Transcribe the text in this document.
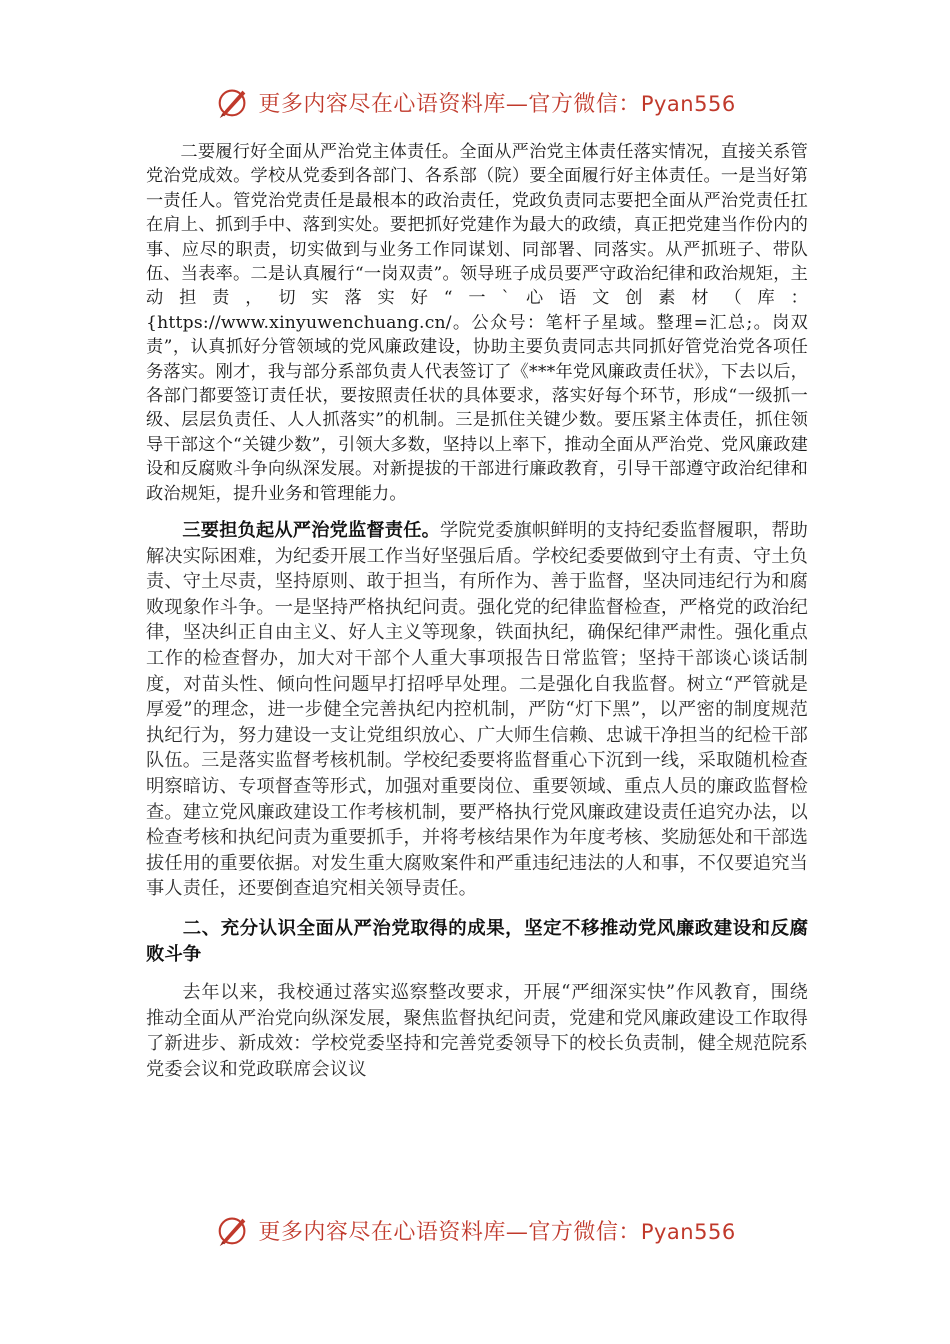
更多内容尽在心语资料库—官方微信：Pyan556

二要履行好全面从严治党主体责任。全面从严治党主体责任落实情况，直接关系管党治党成效。学校从党委到各部门、各系部（院）要全面履行好主体责任。一是当好第一责任人。管党治党责任是最根本的政治责任，党政负责同志要把全面从严治党责任扛在肩上、抓到手中、落到实处。要把抓好党建作为最大的政绩，真正把党建当作份内的事、应尽的职责，切实做到与业务工作同谋划、同部署、同落实。从严抓班子、带队伍、当表率。二是认真履行“一岗双责”。领导班子成员要严守政治纪律和政治规矩，主动担责，切实落实好“一`心语文创素材（库：{https://www.xinyuwenchuang.cn/。公众号：笔杆子星域。整理=汇总;。岗双责”，认真抓好分管领域的党风廉政建设，协助主要负责同志共同抓好管党治党各项任务落实。刚才，我与部分系部负责人代表签订了《***年党风廉政责任状》，下去以后，各部门都要签订责任状，要按照责任状的具体要求，落实好每个环节，形成“一级抓一级、层层负责任、人人抓落实”的机制。三是抓住关键少数。要压紧主体责任，抓住领导干部这个“关键少数”，引领大多数，坚持以上率下，推动全面从严治党、党风廉政建设和反腐败斗争向纵深发展。对新提拔的干部进行廉政教育，引导干部遵守政治纪律和政治规矩，提升业务和管理能力。

三要担负起从严治党监督责任。学院党委旗帜鲜明的支持纪委监督履职，帮助解决实际困难，为纪委开展工作当好坚强后盾。学校纪委要做到守土有责、守土负责、守土尽责，坚持原则、敢于担当，有所作为、善于监督，坚决同违纪行为和腐败现象作斗争。一是坚持严格执纪问责。强化党的纪律监督检查，严格党的政治纪律，坚决纠正自由主义、好人主义等现象，铁面执纪，确保纪律严肃性。强化重点工作的检查督办，加大对干部个人重大事项报告日常监管；坚持干部谈心谈话制度，对苗头性、倾向性问题早打招呼早处理。二是强化自我监督。树立“严管就是厚爱”的理念，进一步健全完善执纪内控机制，严防“灯下黑”，以严密的制度规范执纪行为，努力建设一支让党组织放心、广大师生信赖、忠诚干净担当的纪检干部队伍。三是落实监督考核机制。学校纪委要将监督重心下沉到一线，采取随机检查明察暗访、专项督查等形式，加强对重要岗位、重要领域、重点人员的廉政监督检查。建立党风廉政建设工作考核机制，要严格执行党风廉政建设责任追究办法，以检查考核和执纪问责为重要抓手，并将考核结果作为年度考核、奖励惩处和干部选拔任用的重要依据。对发生重大腐败案件和严重违纪违法的人和事，不仅要追究当事人责任，还要倒查追究相关领导责任。

二、充分认识全面从严治党取得的成果，坚定不移推动党风廉政建设和反腐败斗争

去年以来，我校通过落实巡察整改要求，开展“严细深实快”作风教育，围绕推动全面从严治党向纵深发展，聚焦监督执纪问责，党建和党风廉政建设工作取得了新进步、新成效：学校党委坚持和完善党委领导下的校长负责制，健全规范院系党委会议和党政联席会议议

更多内容尽在心语资料库—官方微信：Pyan556
